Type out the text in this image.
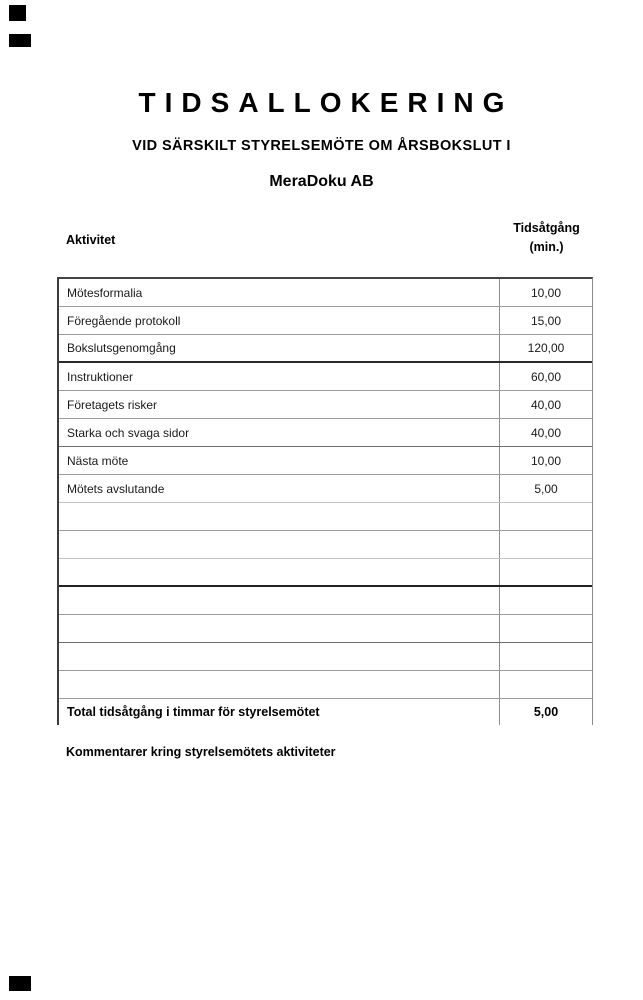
TIDSALLOKERING
VID SÄRSKILT STYRELSEMÖTE OM ÅRSBOKSLUT I
MeraDoku AB
Aktivitet
Tidsåtgång
(min.)
Mötesformalia	10,00
Föregående protokoll	15,00
Bokslutsgenomgång	120,00
Instruktioner	60,00
Företagets risker	40,00
Starka och svaga sidor	40,00
Nästa möte	10,00
Mötets avslutande	5,00
Total tidsåtgång i timmar för styrelsemötet	5,00
Kommentarer kring styrelsemötets aktiviteter
